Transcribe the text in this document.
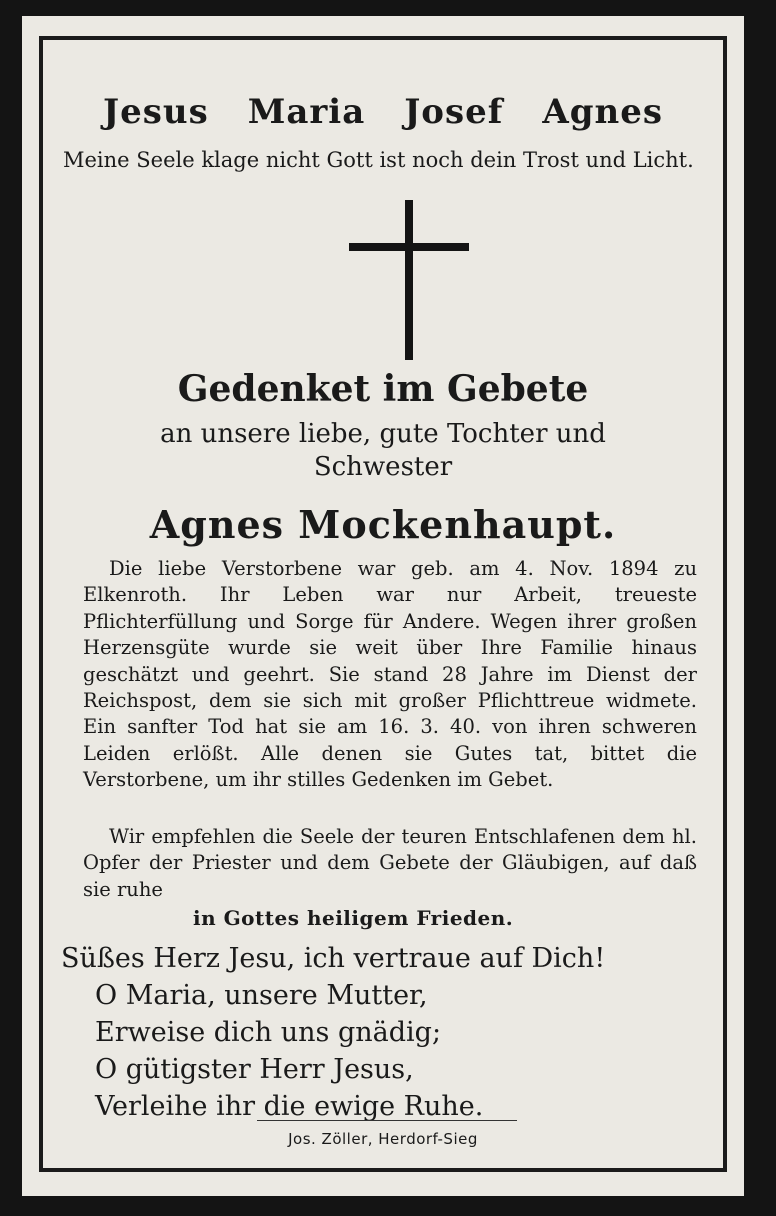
Jesus Maria Josef Agnes
Meine Seele klage nicht Gott ist noch dein Trost und Licht.
Gedenket im Gebete
an unsere liebe, gute Tochter und Schwester
Agnes Mockenhaupt.

Die liebe Verstorbene war geb. am 4. Nov. 1894 zu Elkenroth. Ihr Leben war nur Arbeit, treueste Pflichterfüllung und Sorge für Andere. Wegen ihrer großen Herzensgüte wurde sie weit über Ihre Familie hinaus geschätzt und geehrt. Sie stand 28 Jahre im Dienst der Reichspost, dem sie sich mit großer Pflichttreue widmete. Ein sanfter Tod hat sie am 16. 3. 40. von ihren schweren Leiden erlößt. Alle denen sie Gutes tat, bittet die Verstorbene, um ihr stilles Gedenken im Gebet.

Wir empfehlen die Seele der teuren Entschlafenen dem hl. Opfer der Priester und dem Gebete der Gläubigen, auf daß sie ruhe

in Gottes heiligem Frieden.
Süßes Herz Jesu, ich vertraue auf Dich!
O Maria, unsere Mutter,
Erweise dich uns gnädig;
O gütigster Herr Jesus,
Verleihe ihr die ewige Ruhe.
Jos. Zöller, Herdorf-Sieg
